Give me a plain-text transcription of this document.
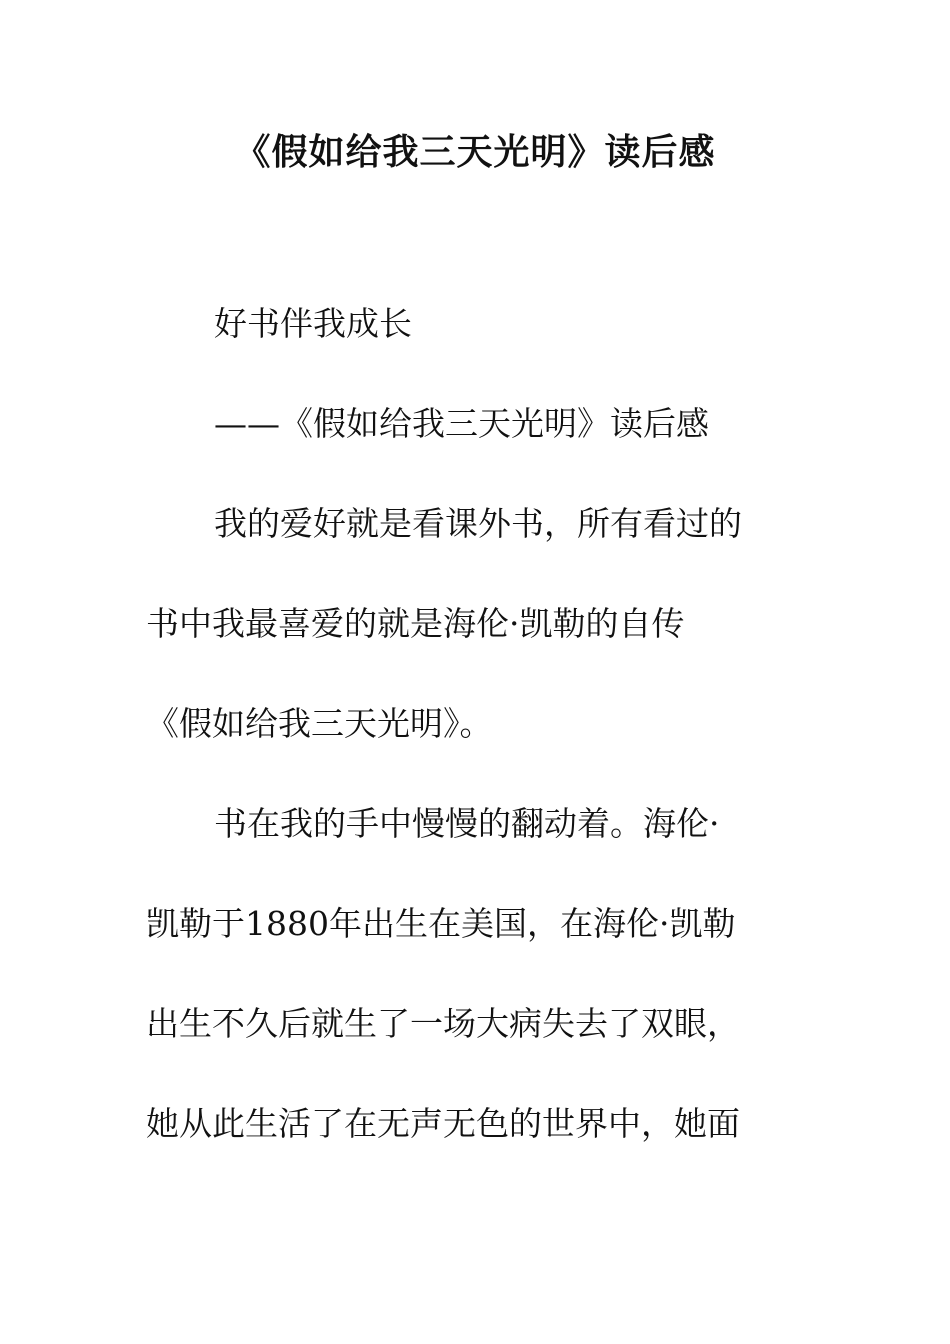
《假如给我三天光明》读后感
好书伴我成长
——《假如给我三天光明》读后感
我的爱好就是看课外书，所有看过的
书中我最喜爱的就是海伦·凯勒的自传
《假如给我三天光明》。
书在我的手中慢慢的翻动着。海伦·
凯勒于1880年出生在美国，在海伦·凯勒
出生不久后就生了一场大病失去了双眼，
她从此生活了在无声无色的世界中，她面
